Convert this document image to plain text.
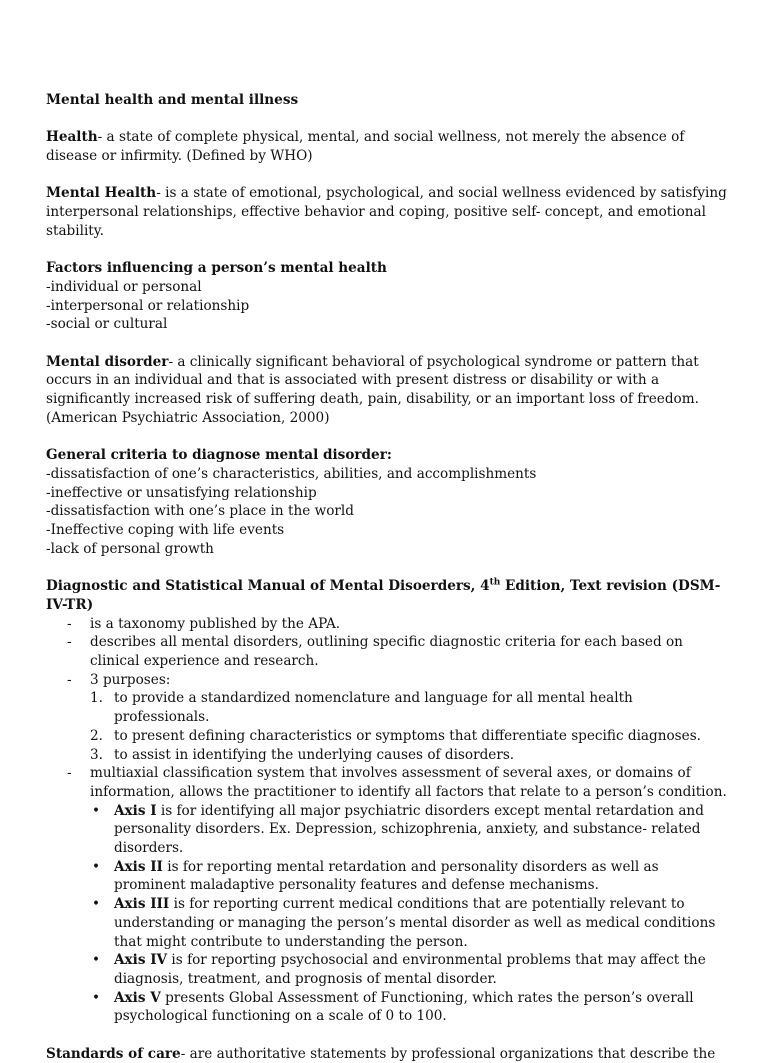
Mental health and mental illness

Health- a state of complete physical, mental, and social wellness, not merely the absence of disease or infirmity. (Defined by WHO)

Mental Health- is a state of emotional, psychological, and social wellness evidenced by satisfying interpersonal relationships, effective behavior and coping, positive self- concept, and emotional stability.

Factors influencing a person’s mental health
-individual or personal
-interpersonal or relationship
-social or cultural

Mental disorder- a clinically significant behavioral of psychological syndrome or pattern that occurs in an individual and that is associated with present distress or disability or with a significantly increased risk of suffering death, pain, disability, or an important loss of freedom. (American Psychiatric Association, 2000)

General criteria to diagnose mental disorder:
-dissatisfaction of one’s characteristics, abilities, and accomplishments
-ineffective or unsatisfying relationship
-dissatisfaction with one’s place in the world
-Ineffective coping with life events
-lack of personal growth
Diagnostic and Statistical Manual of Mental Disoerders, 4th Edition, Text revision (DSM-IV-TR)
- is a taxonomy published by the APA.
- describes all mental disorders, outlining specific diagnostic criteria for each based on clinical experience and research.
- 3 purposes:
1. to provide a standardized nomenclature and language for all mental health professionals.
2. to present defining characteristics or symptoms that differentiate specific diagnoses.
3. to assist in identifying the underlying causes of disorders.
- multiaxial classification system that involves assessment of several axes, or domains of information, allows the practitioner to identify all factors that relate to a person’s condition.
• Axis I is for identifying all major psychiatric disorders except mental retardation and personality disorders. Ex. Depression, schizophrenia, anxiety, and substance- related disorders.
• Axis II is for reporting mental retardation and personality disorders as well as prominent maladaptive personality features and defense mechanisms.
• Axis III is for reporting current medical conditions that are potentially relevant to understanding or managing the person’s mental disorder as well as medical conditions that might contribute to understanding the person.
• Axis IV is for reporting psychosocial and environmental problems that may affect the diagnosis, treatment, and prognosis of mental disorder.
• Axis V presents Global Assessment of Functioning, which rates the person’s overall psychological functioning on a scale of 0 to 100.

Standards of care- are authoritative statements by professional organizations that describe the
